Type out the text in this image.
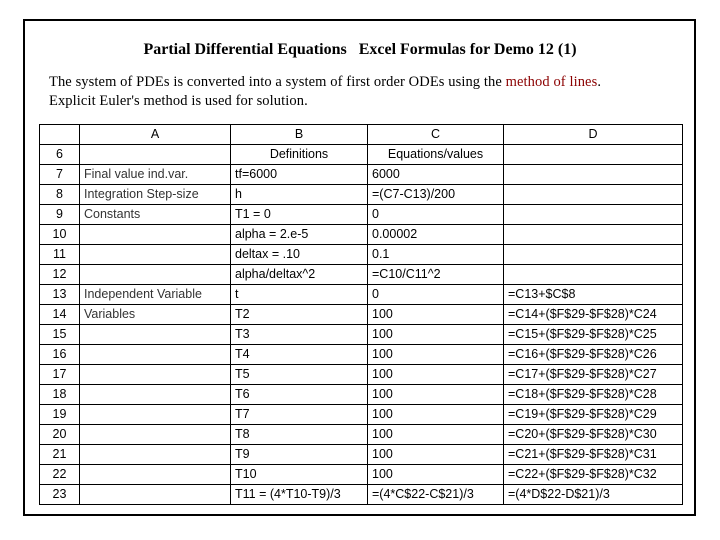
Partial Differential Equations   Excel Formulas for Demo 12 (1)
The system of PDEs is converted into a system of first order ODEs using the method of lines.
Explicit Euler's method is used for solution.
	A	B	C	D
6		Definitions	Equations/values	
7	Final value ind.var.	tf=6000	6000	
8	Integration Step-size	h	=(C7-C13)/200	
9	Constants	T1 = 0	0	
10		alpha = 2.e-5	0.00002	
11		deltax = .10	0.1	
12		alpha/deltax^2	=C10/C11^2	
13	Independent Variable	t	0	=C13+$C$8
14	Variables	T2	100	=C14+($F$29-$F$28)*C24
15		T3	100	=C15+($F$29-$F$28)*C25
16		T4	100	=C16+($F$29-$F$28)*C26
17		T5	100	=C17+($F$29-$F$28)*C27
18		T6	100	=C18+($F$29-$F$28)*C28
19		T7	100	=C19+($F$29-$F$28)*C29
20		T8	100	=C20+($F$29-$F$28)*C30
21		T9	100	=C21+($F$29-$F$28)*C31
22		T10	100	=C22+($F$29-$F$28)*C32
23		T11 = (4*T10-T9)/3	=(4*C$22-C$21)/3	=(4*D$22-D$21)/3
